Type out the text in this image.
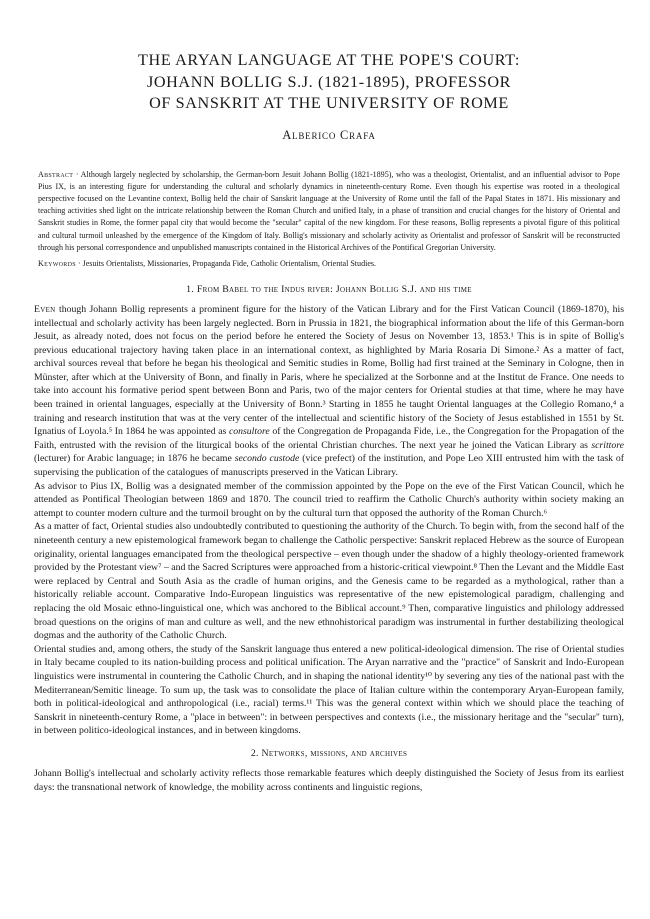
THE ARYAN LANGUAGE AT THE POPE'S COURT:
JOHANN BOLLIG S.J. (1821-1895), PROFESSOR
OF SANSKRIT AT THE UNIVERSITY OF ROME
Alberico Crafa
Abstract · Although largely neglected by scholarship, the German-born Jesuit Johann Bollig (1821-1895), who was a theologist, Orientalist, and an influential advisor to Pope Pius IX, is an interesting figure for understanding the cultural and scholarly dynamics in nineteenth-century Rome. Even though his expertise was rooted in a theological perspective focused on the Levantine context, Bollig held the chair of Sanskrit language at the University of Rome until the fall of the Papal States in 1871. His missionary and teaching activities shed light on the intricate relationship between the Roman Church and unified Italy, in a phase of transition and crucial changes for the history of Oriental and Sanskrit studies in Rome, the former papal city that would become the "secular" capital of the new kingdom. For these reasons, Bollig represents a pivotal figure of this political and cultural turmoil unleashed by the emergence of the Kingdom of Italy. Bollig's missionary and scholarly activity as Orientalist and professor of Sanskrit will be reconstructed through his personal correspondence and unpublished manuscripts contained in the Historical Archives of the Pontifical Gregorian University.
Keywords · Jesuits Orientalists, Missionaries, Propaganda Fide, Catholic Orientalism, Oriental Studies.
1. From Babel to the Indus river: Johann Bollig S.J. and his time

Even though Johann Bollig represents a prominent figure for the history of the Vatican Library and for the First Vatican Council (1869-1870), his intellectual and scholarly activity has been largely neglected. Born in Prussia in 1821, the biographical information about the life of this German-born Jesuit, as already noted, does not focus on the period before he entered the Society of Jesus on November 13, 1853.¹ This is in spite of Bollig's previous educational trajectory having taken place in an international context, as highlighted by Maria Rosaria Di Simone.² As a matter of fact, archival sources reveal that before he began his theological and Semitic studies in Rome, Bollig had first trained at the Seminary in Cologne, then in Münster, after which at the University of Bonn, and finally in Paris, where he specialized at the Sorbonne and at the Institut de France. One needs to take into account his formative period spent between Bonn and Paris, two of the major centers for Oriental studies at that time, where he may have been trained in oriental languages, especially at the University of Bonn.³ Starting in 1855 he taught Oriental languages at the Collegio Romano,⁴ a training and research institution that was at the very center of the intellectual and scientific history of the Society of Jesus established in 1551 by St. Ignatius of Loyola.⁵ In 1864 he was appointed as consultore of the Congregation de Propaganda Fide, i.e., the Congregation for the Propagation of the Faith, entrusted with the revision of the liturgical books of the oriental Christian churches. The next year he joined the Vatican Library as scrittore (lecturer) for Arabic language; in 1876 he became secondo custode (vice prefect) of the institution, and Pope Leo XIII entrusted him with the task of supervising the publication of the catalogues of manuscripts preserved in the Vatican Library.

As advisor to Pius IX, Bollig was a designated member of the commission appointed by the Pope on the eve of the First Vatican Council, which he attended as Pontifical Theologian between 1869 and 1870. The council tried to reaffirm the Catholic Church's authority within society making an attempt to counter modern culture and the turmoil brought on by the cultural turn that opposed the authority of the Roman Church.⁶

As a matter of fact, Oriental studies also undoubtedly contributed to questioning the authority of the Church. To begin with, from the second half of the nineteenth century a new epistemological framework began to challenge the Catholic perspective: Sanskrit replaced Hebrew as the source of European originality, oriental languages emancipated from the theological perspective – even though under the shadow of a highly theology-oriented framework provided by the Protestant view⁷ – and the Sacred Scriptures were approached from a historic-critical viewpoint.⁸ Then the Levant and the Middle East were replaced by Central and South Asia as the cradle of human origins, and the Genesis came to be regarded as a mythological, rather than a historically reliable account. Comparative Indo-European linguistics was representative of the new epistemological paradigm, challenging and replacing the old Mosaic ethno-linguistical one, which was anchored to the Biblical account.⁹ Then, comparative linguistics and philology addressed broad questions on the origins of man and culture as well, and the new ethnohistorical paradigm was instrumental in further destabilizing theological dogmas and the authority of the Catholic Church.

Oriental studies and, among others, the study of the Sanskrit language thus entered a new political-ideological dimension. The rise of Oriental studies in Italy became coupled to its nation-building process and political unification. The Aryan narrative and the "practice" of Sanskrit and Indo-European linguistics were instrumental in countering the Catholic Church, and in shaping the national identity¹⁰ by severing any ties of the national past with the Mediterranean/Semitic lineage. To sum up, the task was to consolidate the place of Italian culture within the contemporary Aryan-European family, both in political-ideological and anthropological (i.e., racial) terms.¹¹ This was the general context within which we should place the teaching of Sanskrit in nineteenth-century Rome, a "place in between": in between perspectives and contexts (i.e., the missionary heritage and the "secular" turn), in between politico-ideological instances, and in between kingdoms.

2. Networks, missions, and archives

Johann Bollig's intellectual and scholarly activity reflects those remarkable features which deeply distinguished the Society of Jesus from its earliest days: the transnational network of knowledge, the mobility across continents and linguistic regions,
